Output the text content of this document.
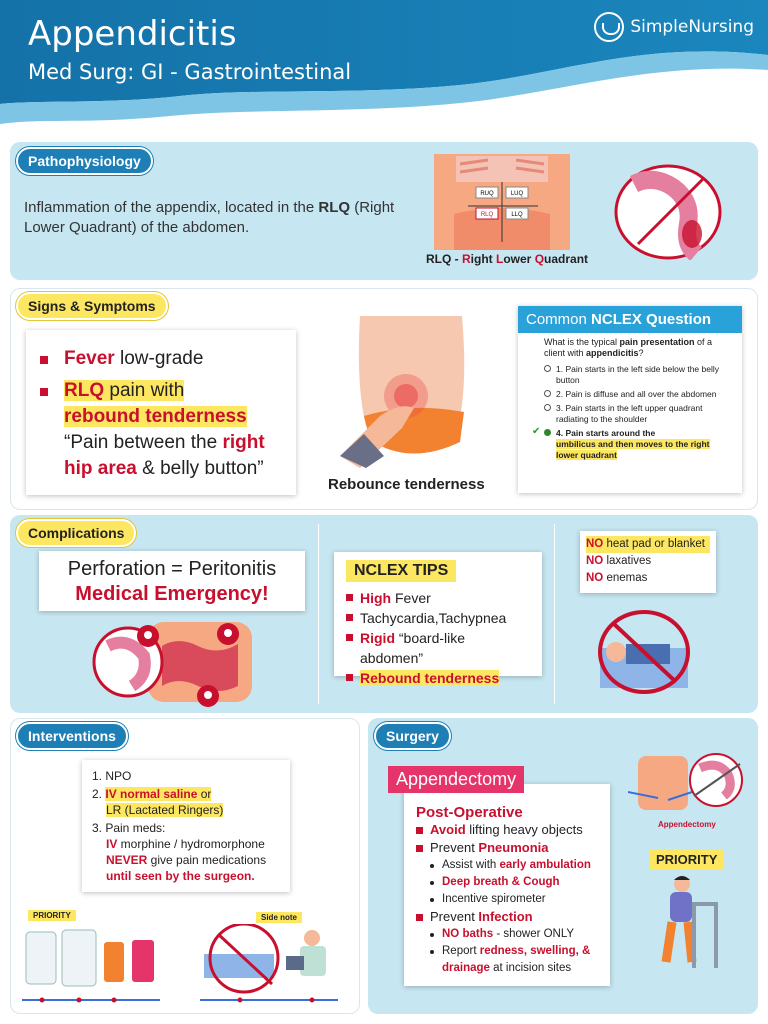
Appendicitis
Med Surg: GI - Gastrointestinal
SimpleNursing
Pathophysiology
Inflammation of the appendix, located in the RLQ (Right Lower Quadrant) of the abdomen.
RUQ	LUQ
RLQ	LLQ
RLQ - Right Lower Quadrant
Signs & Symptoms
Fever low-grade
RLQ pain with
rebound tenderness
“Pain between the right
hip area & belly button”
Rebounce tenderness
Common NCLEX Question
What is the typical pain presentation of a client with appendicitis?
1. Pain starts in the left side below the belly button
2. Pain is diffuse and all over the abdomen
3. Pain starts in the left upper quadrant radiating to the shoulder
✔ 4. Pain starts around the
umbilicus and then moves to the right lower quadrant
Complications
Perforation = Peritonitis
Medical Emergency!
NCLEX TIPS
High Fever
Tachycardia,Tachypnea
Rigid “board-like abdomen”
Rebound tenderness
NO heat pad or blanket
NO laxatives
NO enemas
Interventions
1. NPO
2. IV normal saline or
LR (Lactated Ringers)
3. Pain meds:
IV morphine / hydromorphone
NEVER give pain medications
until seen by the surgeon.
PRIORITY	Side note
Surgery
Post-Operative
Avoid lifting heavy objects
Prevent Pneumonia
Assist with early ambulation
Deep breath & Cough
Incentive spirometer
Prevent Infection
NO baths - shower ONLY
Report redness, swelling, & drainage at incision sites
Appendectomy
Appendectomy
PRIORITY
